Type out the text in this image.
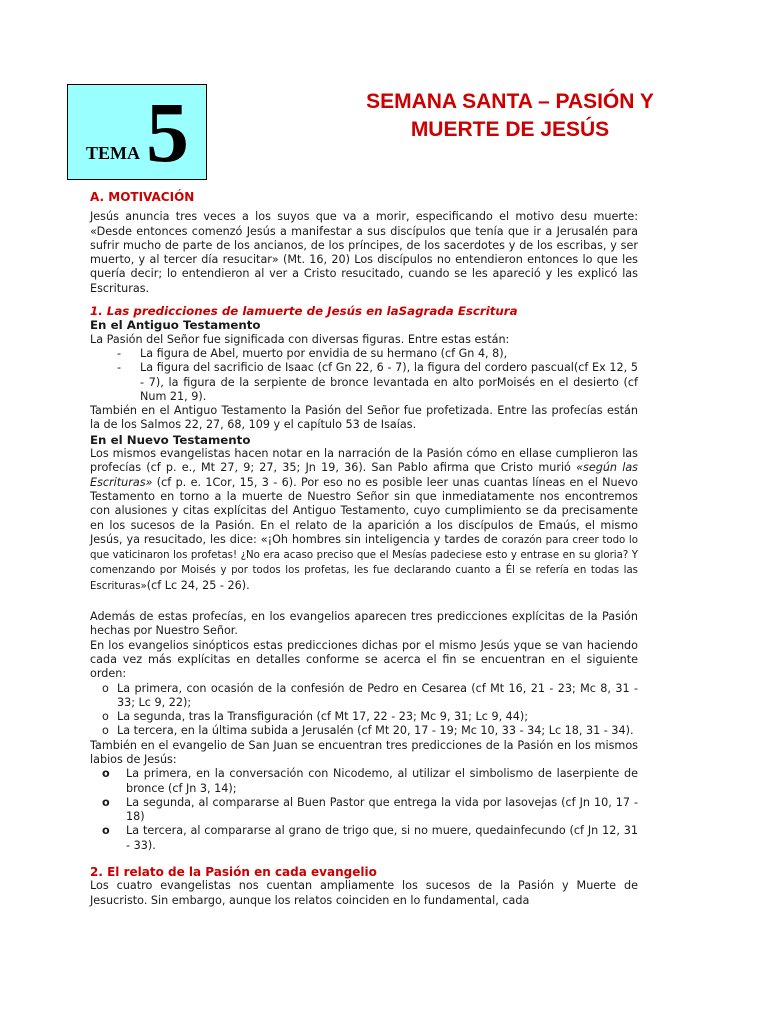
TEMA 5	SEMANA SANTA – PASIÓN Y
MUERTE DE JESÚS

A. MOTIVACIÓN

Jesús anuncia tres veces a los suyos que va a morir, especificando el motivo desu muerte: «Desde entonces comenzó Jesús a manifestar a sus discípulos que tenía que ir a Jerusalén para sufrir mucho de parte de los ancianos, de los príncipes, de los sacerdotes y de los escribas, y ser muerto, y al tercer día resucitar» (Mt. 16, 20) Los discípulos no entendieron entonces lo que les quería decir; lo entendieron al ver a Cristo resucitado, cuando se les apareció y les explicó las Escrituras.

1. Las predicciones de lamuerte de Jesús en laSagrada Escritura

En el Antiguo Testamento

La Pasión del Señor fue significada con diversas figuras. Entre estas están:

- La figura de Abel, muerto por envidia de su hermano (cf Gn 4, 8),
- La figura del sacrificio de Isaac (cf Gn 22, 6 - 7), la figura del cordero pascual(cf Ex 12, 5 - 7), la figura de la serpiente de bronce levantada en alto porMoisés en el desierto (cf Num 21, 9).

También en el Antiguo Testamento la Pasión del Señor fue profetizada. Entre las profecías están la de los Salmos 22, 27, 68, 109 y el capítulo 53 de Isaías.

En el Nuevo Testamento

Los mismos evangelistas hacen notar en la narración de la Pasión cómo en ellase cumplieron las profecías (cf p. e., Mt 27, 9; 27, 35; Jn 19, 36). San Pablo afirma que Cristo murió «según las Escrituras» (cf p. e. 1Cor, 15, 3 - 6). Por eso no es posible leer unas cuantas líneas en el Nuevo Testamento en torno a la muerte de Nuestro Señor sin que inmediatamente nos encontremos con alusiones y citas explícitas del Antiguo Testamento, cuyo cumplimiento se da precisamente en los sucesos de la Pasión. En el relato de la aparición a los discípulos de Emaús, el mismo Jesús, ya resucitado, les dice: «¡Oh hombres sin inteligencia y tardes de corazón para creer todo lo que vaticinaron los profetas! ¿No era acaso preciso que el Mesías padeciese esto y entrase en su gloria? Y comenzando por Moisés y por todos los profetas, les fue declarando cuanto a Él se refería en todas las Escrituras»(cf Lc 24, 25 - 26).

Además de estas profecías, en los evangelios aparecen tres predicciones explícitas de la Pasión hechas por Nuestro Señor.

En los evangelios sinópticos estas predicciones dichas por el mismo Jesús yque se van haciendo cada vez más explícitas en detalles conforme se acerca el fin se encuentran en el siguiente orden:

o La primera, con ocasión de la confesión de Pedro en Cesarea (cf Mt 16, 21 - 23; Mc 8, 31 - 33; Lc 9, 22);
o La segunda, tras la Transfiguración (cf Mt 17, 22 - 23; Mc 9, 31; Lc 9, 44);
o La tercera, en la última subida a Jerusalén (cf Mt 20, 17 - 19; Mc 10, 33 - 34; Lc 18, 31 - 34).

También en el evangelio de San Juan se encuentran tres predicciones de la Pasión en los mismos labios de Jesús:

o La primera, en la conversación con Nicodemo, al utilizar el simbolismo de laserpiente de bronce (cf Jn 3, 14);
o La segunda, al compararse al Buen Pastor que entrega la vida por lasovejas (cf Jn 10, 17 - 18)
o La tercera, al compararse al grano de trigo que, si no muere, quedainfecundo (cf Jn 12, 31 - 33).

2. El relato de la Pasión en cada evangelio

Los cuatro evangelistas nos cuentan ampliamente los sucesos de la Pasión y Muerte de Jesucristo. Sin embargo, aunque los relatos coinciden en lo fundamental, cada
